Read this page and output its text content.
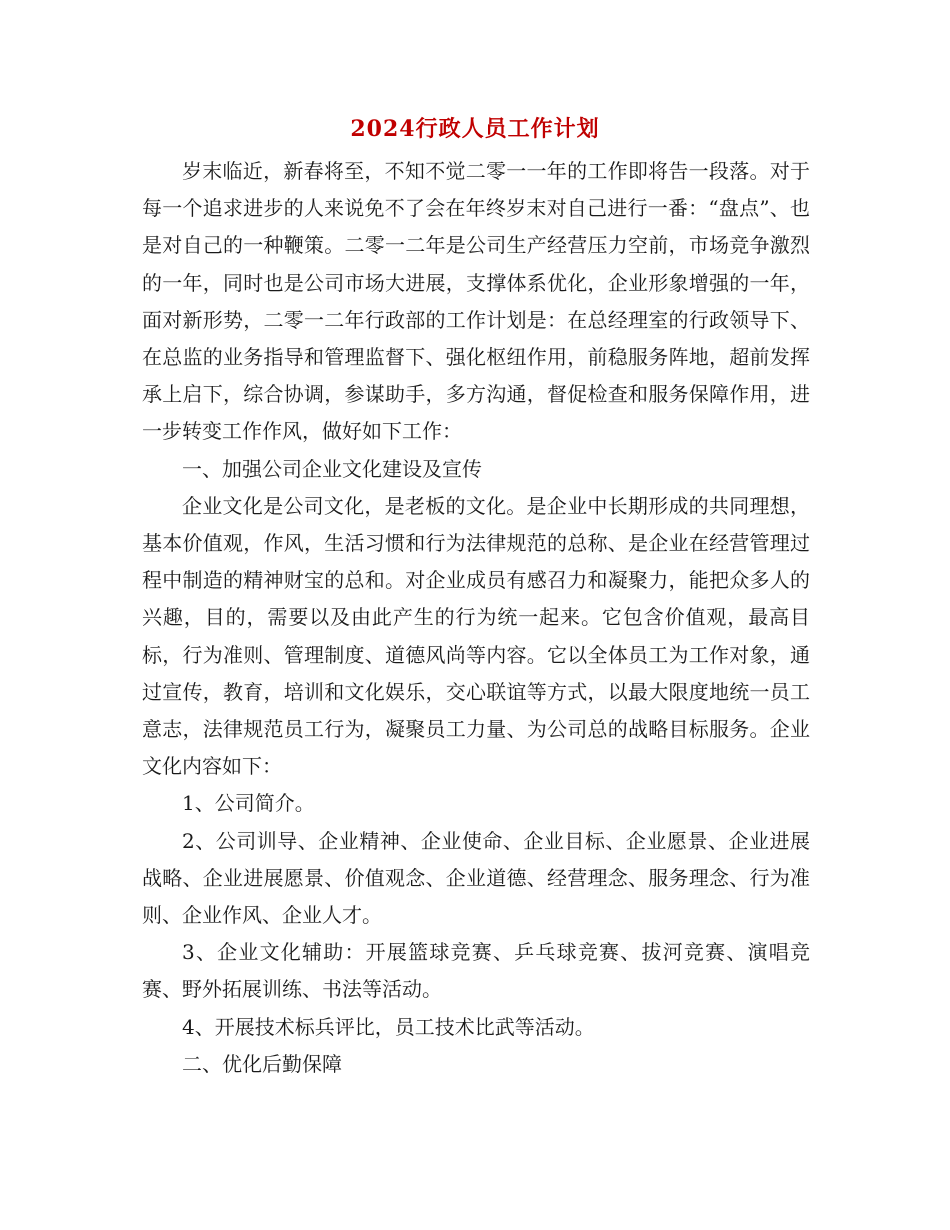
2024行政人员工作计划

岁末临近，新春将至，不知不觉二零一一年的工作即将告一段落。对于每一个追求进步的人来说免不了会在年终岁末对自己进行一番：“盘点”、也是对自己的一种鞭策。二零一二年是公司生产经营压力空前，市场竞争激烈的一年，同时也是公司市场大进展，支撑体系优化，企业形象增强的一年，面对新形势，二零一二年行政部的工作计划是：在总经理室的行政领导下、在总监的业务指导和管理监督下、强化枢纽作用，前稳服务阵地，超前发挥承上启下，综合协调，参谋助手，多方沟通，督促检查和服务保障作用，进一步转变工作作风，做好如下工作：

一、加强公司企业文化建设及宣传

企业文化是公司文化，是老板的文化。是企业中长期形成的共同理想，基本价值观，作风，生活习惯和行为法律规范的总称、是企业在经营管理过程中制造的精神财宝的总和。对企业成员有感召力和凝聚力，能把众多人的兴趣，目的，需要以及由此产生的行为统一起来。它包含价值观，最高目标，行为准则、管理制度、道德风尚等内容。它以全体员工为工作对象，通过宣传，教育，培训和文化娱乐，交心联谊等方式，以最大限度地统一员工意志，法律规范员工行为，凝聚员工力量、为公司总的战略目标服务。企业文化内容如下：

1、公司简介。

2、公司训导、企业精神、企业使命、企业目标、企业愿景、企业进展战略、企业进展愿景、价值观念、企业道德、经营理念、服务理念、行为准则、企业作风、企业人才。

3、企业文化辅助：开展篮球竞赛、乒乓球竞赛、拔河竞赛、演唱竞赛、野外拓展训练、书法等活动。

4、开展技术标兵评比，员工技术比武等活动。

二、优化后勤保障
